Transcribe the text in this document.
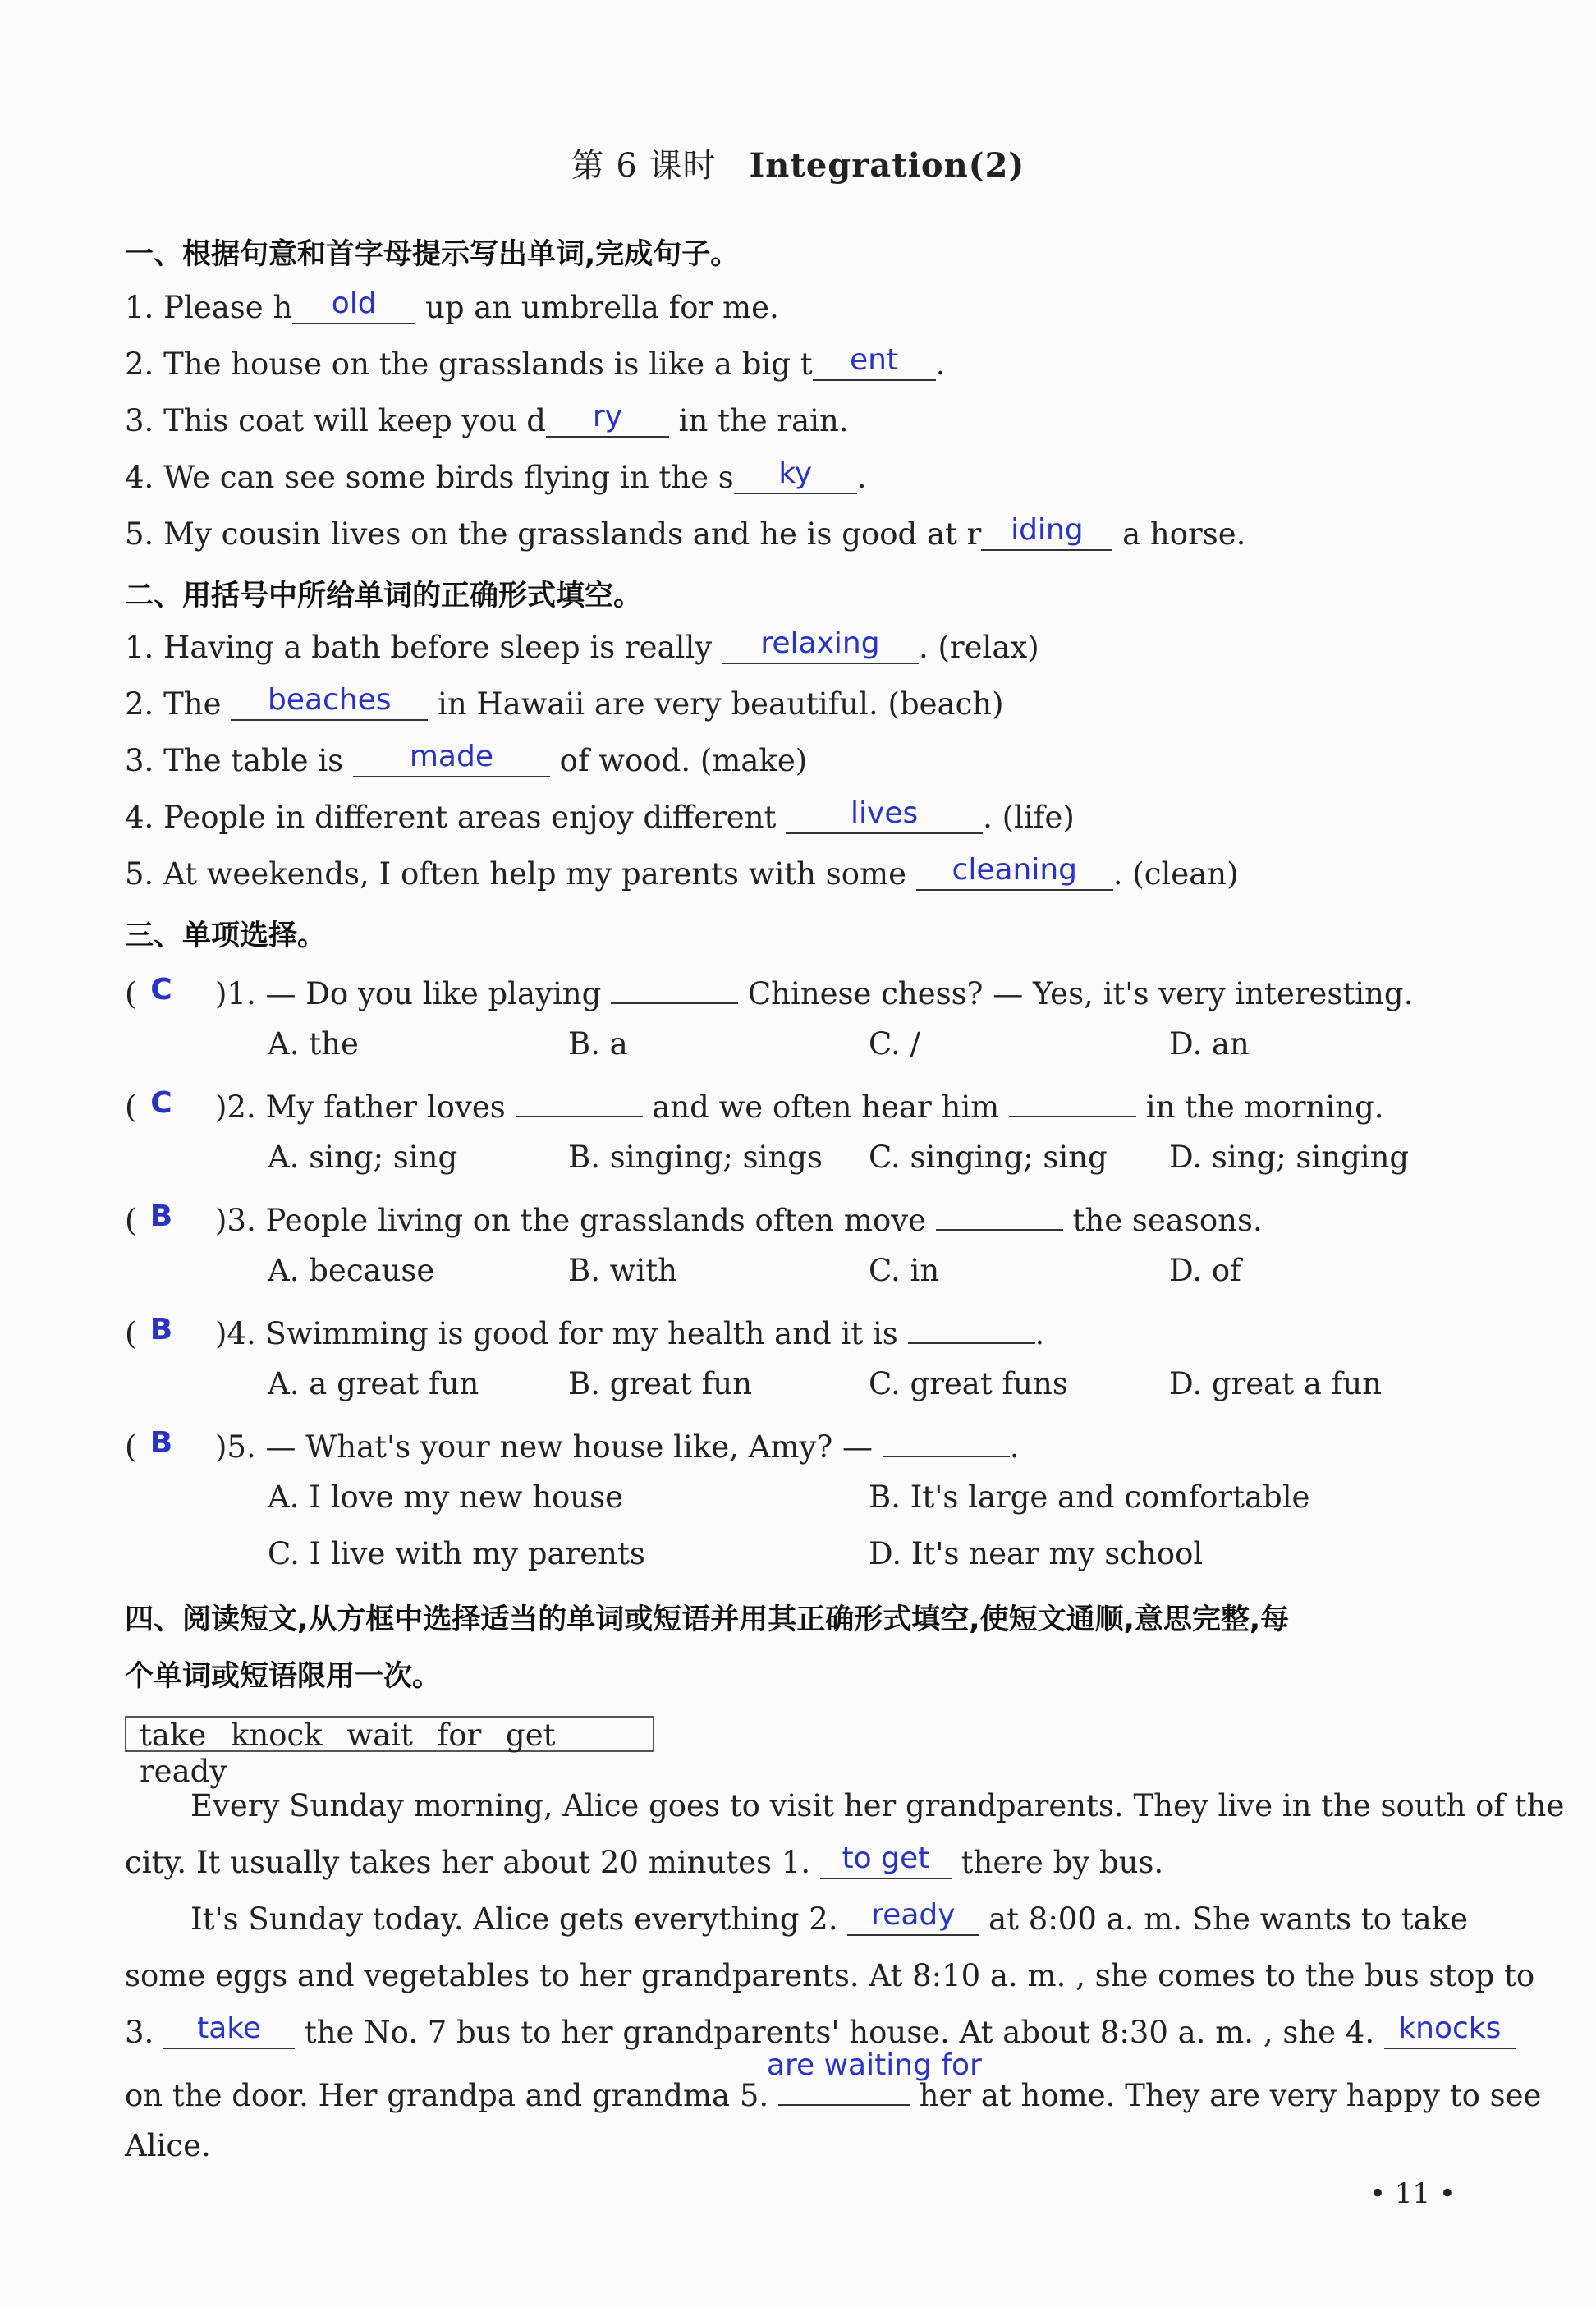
第 6 课时 Integration(2)
一、根据句意和首字母提示写出单词,完成句子。
1. Please h old up an umbrella for me.
2. The house on the grasslands is like a big t ent .
3. This coat will keep you d ry in the rain.
4. We can see some birds flying in the s ky .
5. My cousin lives on the grasslands and he is good at r iding a horse.
二、用括号中所给单词的正确形式填空。
1. Having a bath before sleep is really relaxing . (relax)
2. The beaches in Hawaii are very beautiful. (beach)
3. The table is made of wood. (make)
4. People in different areas enjoy different lives . (life)
5. At weekends, I often help my parents with some cleaning . (clean)
三、单项选择。
( C )1. — Do you like playing	Chinese chess? — Yes, it's very interesting.
A. the	B. a	C. /	D. an
( C )2. My father loves	and we often hear him	in the morning.
A. sing; sing	B. singing; sings C. singing; sing D. sing; singing
( B )3. People living on the grasslands often move	the seasons.
A. because	B. with	C. in	D. of
( B )4. Swimming is good for my health and it is	.
A. a great fun	B. great fun	C. great funs	D. great a fun
( B )5. — What's your new house like, Amy? —	.
A. I love my new house	B. It's large and comfortable
C. I live with my parents	D. It's near my school
四、阅读短文,从方框中选择适当的单词或短语并用其正确形式填空,使短文通顺,意思完整,每
个单词或短语限用一次。
take knock wait for get ready
Every Sunday morning, Alice goes to visit her grandparents. They live in the south of the
city. It usually takes her about 20 minutes 1. to get there by bus.
It's Sunday today. Alice gets everything 2. ready at 8:00 a. m. She wants to take
some eggs and vegetables to her grandparents. At 8:10 a. m. , she comes to the bus stop to
3. take the No. 7 bus to her grandparents' house. At about 8:30 a. m. , she 4. knocks
on the door. Her grandpa and grandma 5.
are waiting for
her at home. They are very happy to see
Alice.
• 11 •
